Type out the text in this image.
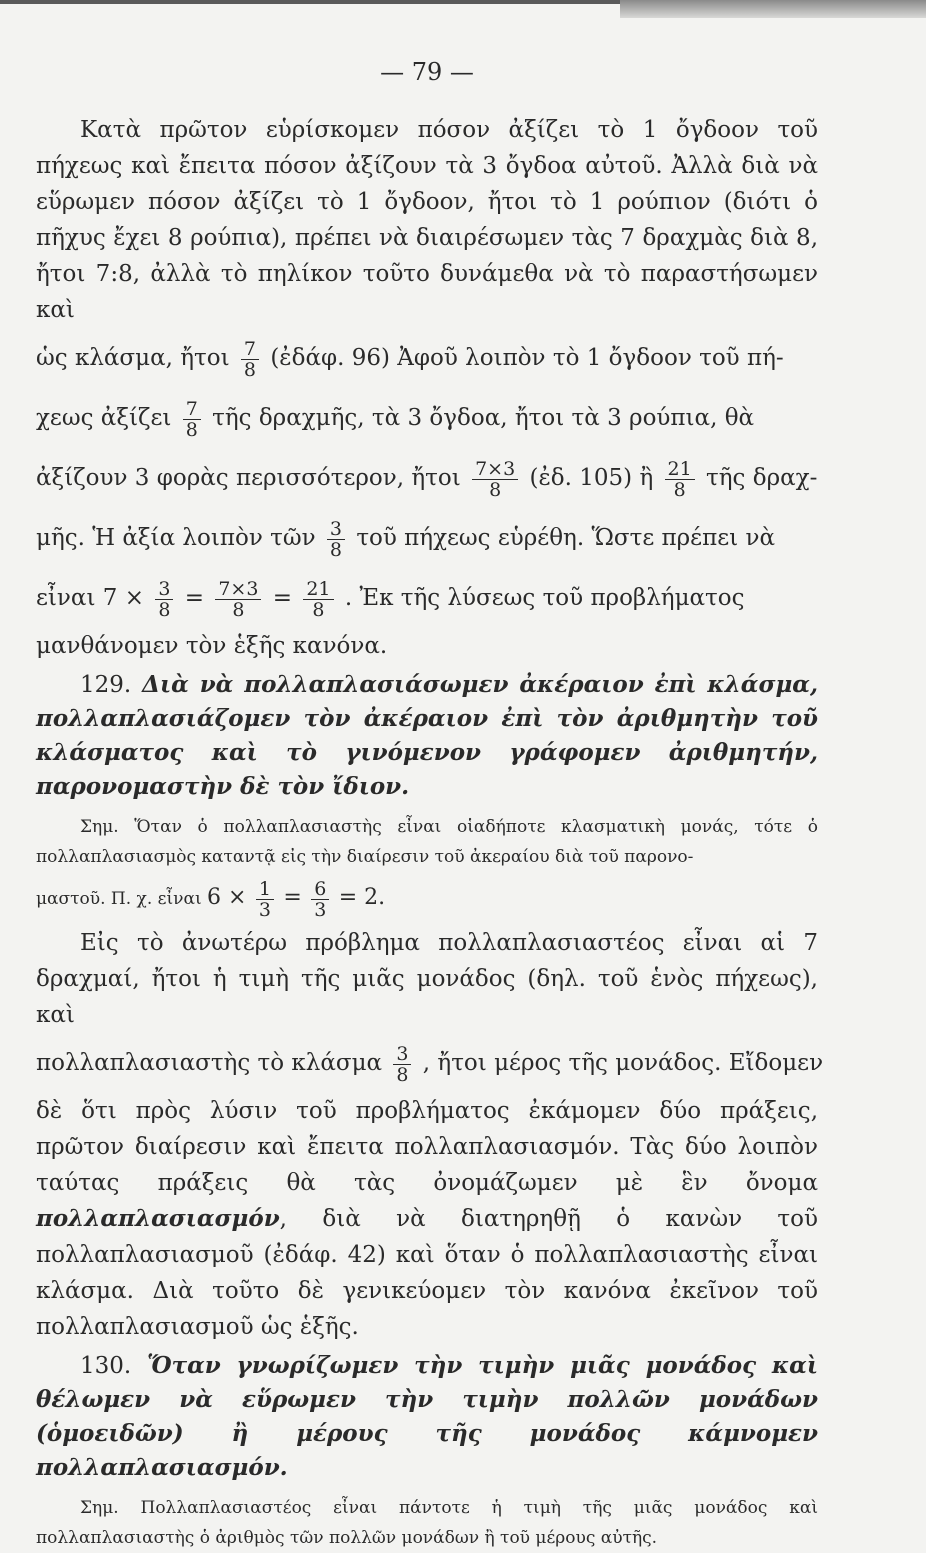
— 79 —

Κατὰ πρῶτον εὑρίσκομεν πόσον ἀξίζει τὸ 1 ὄγδοον τοῦ πήχεως καὶ ἔπειτα πόσον ἀξίζουν τὰ 3 ὄγδοα αὐτοῦ. Ἀλλὰ διὰ νὰ εὕρωμεν πόσον ἀξίζει τὸ 1 ὄγδοον, ἤτοι τὸ 1 ρούπιον (διότι ὁ πῆχυς ἔχει 8 ρούπια), πρέπει νὰ διαιρέσωμεν τὰς 7 δραχμὰς διὰ 8, ἤτοι 7:8, ἀλλὰ τὸ πηλίκον τοῦτο δυνάμεθα νὰ τὸ παραστήσωμεν καὶ

ὡς κλάσμα, ἤτοι $\frac{7}{8}$ (ἐδάφ. 96) Ἀφοῦ λοιπὸν τὸ 1 ὄγδοον τοῦ πή-
χεως ἀξίζει $\frac{7}{8}$ τῆς δραχμῆς, τὰ 3 ὄγδοα, ἤτοι τὰ 3 ρούπια, θὰ
ἀξίζουν 3 φορὰς περισσότερον, ἤτοι $\frac{7\times 3}{8}$ (ἐδ. 105) ἢ $\frac{21}{8}$ τῆς δραχ-
μῆς. Ἡ ἀξία λοιπὸν τῶν $\frac{3}{8}$ τοῦ πήχεως εὑρέθη. Ὥστε πρέπει νὰ
εἶναι $7 \times \frac{3}{8} = \frac{7\times 3}{8} = \frac{21}{8}$ . Ἐκ τῆς λύσεως τοῦ προβλήματος

μανθάνομεν τὸν ἑξῆς κανόνα.

129. Διὰ νὰ πολλαπλασιάσωμεν ἀκέραιον ἐπὶ κλάσμα, πολλαπλασιάζομεν τὸν ἀκέραιον ἐπὶ τὸν ἀριθμητὴν τοῦ κλάσματος καὶ τὸ γινόμενον γράφομεν ἀριθμητήν, παρονομαστὴν δὲ τὸν ἴδιον.

Σημ. Ὅταν ὁ πολλαπλασιαστὴς εἶναι οἱαδήποτε κλασματικὴ μονάς, τότε ὁ πολλαπλασιασμὸς καταντᾷ εἰς τὴν διαίρεσιν τοῦ ἀκεραίου διὰ τοῦ παρονο-

μαστοῦ. Π. χ. εἶναι $6 \times \frac{1}{3} = \frac{6}{3} = 2$.

Εἰς τὸ ἀνωτέρω πρόβλημα πολλαπλασιαστέος εἶναι αἱ 7 δραχμαί, ἤτοι ἡ τιμὴ τῆς μιᾶς μονάδος (δηλ. τοῦ ἑνὸς πήχεως), καὶ

πολλαπλασιαστὴς τὸ κλάσμα $\frac{3}{8}$ , ἤτοι μέρος τῆς μονάδος. Εἴδομεν

δὲ ὅτι πρὸς λύσιν τοῦ προβλήματος ἐκάμομεν δύο πράξεις, πρῶτον διαίρεσιν καὶ ἔπειτα πολλαπλασιασμόν. Τὰς δύο λοιπὸν ταύτας πράξεις θὰ τὰς ὀνομάζωμεν μὲ ἓν ὄνομα πολλαπλασιασμόν, διὰ νὰ διατηρηθῇ ὁ κανὼν τοῦ πολλαπλασιασμοῦ (ἐδάφ. 42) καὶ ὅταν ὁ πολλαπλασιαστὴς εἶναι κλάσμα. Διὰ τοῦτο δὲ γενικεύομεν τὸν κανόνα ἐκεῖνον τοῦ πολλαπλασιασμοῦ ὡς ἑξῆς.

130. Ὅταν γνωρίζωμεν τὴν τιμὴν μιᾶς μονάδος καὶ θέλωμεν νὰ εὕρωμεν τὴν τιμὴν πολλῶν μονάδων (ὁμοειδῶν) ἢ μέρους τῆς μονάδος κάμνομεν πολλαπλασιασμόν.

Σημ. Πολλαπλασιαστέος εἶναι πάντοτε ἡ τιμὴ τῆς μιᾶς μονάδος καὶ πολλαπλασιαστὴς ὁ ἀριθμὸς τῶν πολλῶν μονάδων ἢ τοῦ μέρους αὐτῆς.
